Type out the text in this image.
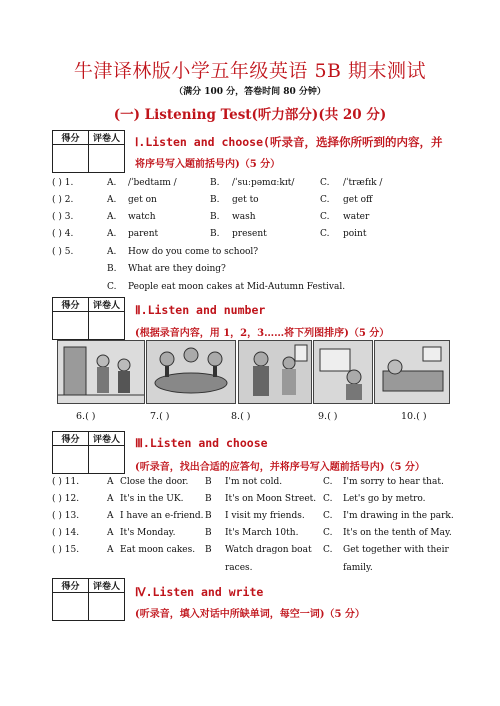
牛津译林版小学五年级英语 5B 期末测试
（满分 100 分，答卷时间 80 分钟）
(一) Listening Test(听力部分)(共 20 分)
得分	评卷人
	Ⅰ.Listen and choose(听录音，选择你所听到的内容，并
将序号写入题前括号内)（5 分）
( ) 1.	A. /ˈbedtaɪm /	B. /ˈsuːpəmɑːkɪt/	C. /ˈtræfɪk /
( ) 2.	A. get on	B. get to	C. get off
( ) 3.	A. watch	B. wash	C. water
( ) 4.	A. parent	B. present	C. point
( ) 5.	A. How do you come to school?
B. What are they doing?
C. People eat moon cakes at Mid-Autumn Festival.
得分	评卷人
	Ⅱ.Listen and number
(根据录音内容，用 1，2，3……将下列图排序)（5 分）
6.( )	7.( )	8.( )	9.( )	10.( )
得分	评卷人
	Ⅲ.Listen and choose
(听录音，找出合适的应答句，并将序号写入题前括号内)（5 分）
( ) 11.	A Close the door. B I'm not cold.	C. I'm sorry to hear that.
( ) 12.	A It's in the UK. B It's on Moon Street. C. Let's go by metro.
( ) 13.	A I have an e-friend. B I visit my friends. C. I'm drawing in the park.
( ) 14.	A It's Monday.	B It's March 10th.	C. It's on the tenth of May.
( ) 15.	A Eat moon cakes. B Watch dragon boat
races.
C. Get together with their
family.
得分	评卷人
	Ⅳ.Listen and write
(听录音，填入对话中所缺单词，每空一词)（5 分）
